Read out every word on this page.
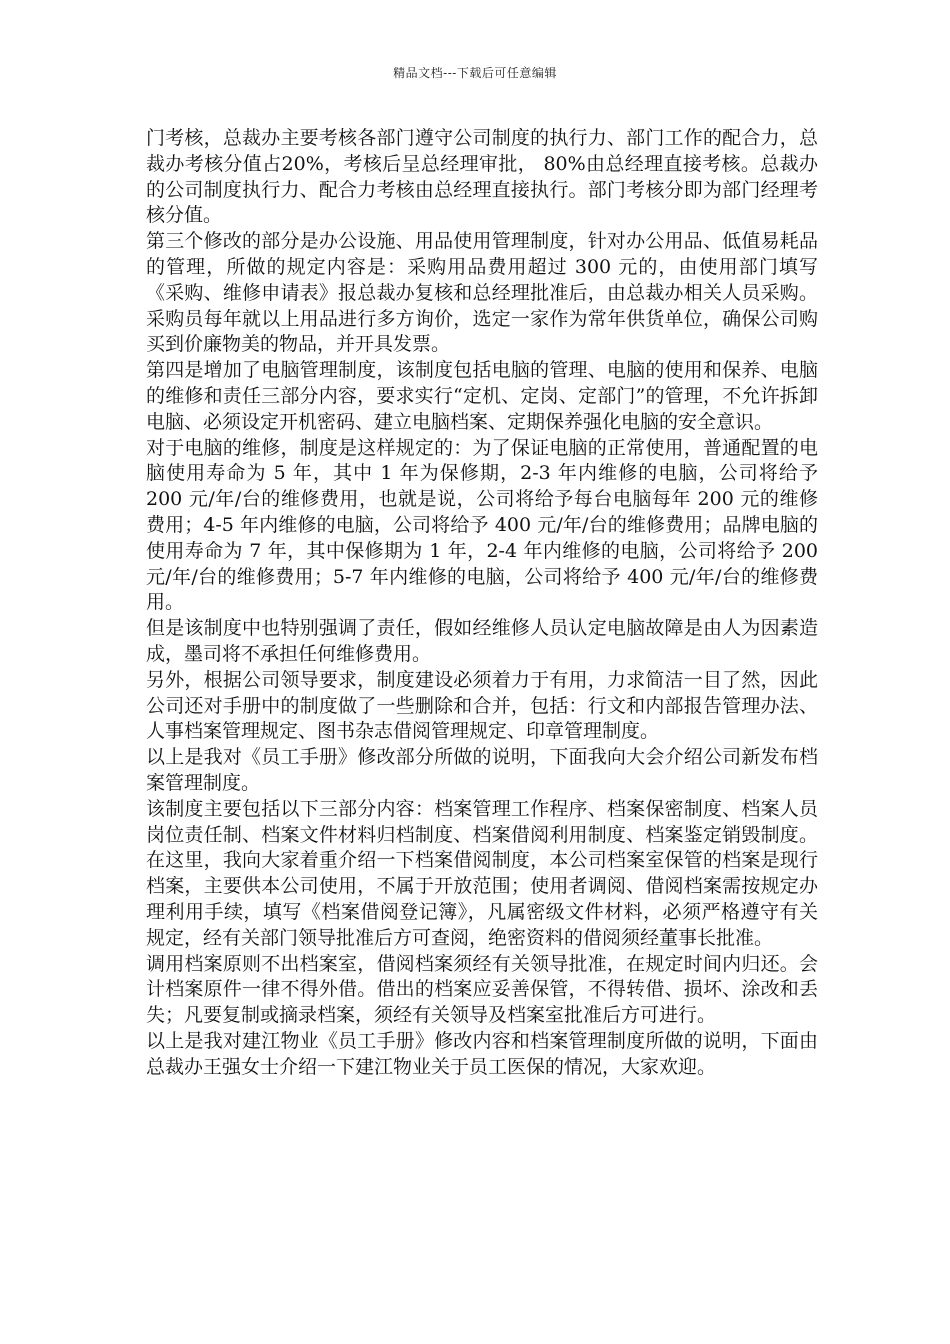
精品文档---下载后可任意编辑

门考核，总裁办主要考核各部门遵守公司制度的执行力、部门工作的配合力，总裁办考核分值占20%，考核后呈总经理审批， 80%由总经理直接考核。总裁办的公司制度执行力、配合力考核由总经理直接执行。部门考核分即为部门经理考核分值。

第三个修改的部分是办公设施、用品使用管理制度，针对办公用品、低值易耗品的管理，所做的规定内容是：采购用品费用超过 300 元的，由使用部门填写《采购、维修申请表》报总裁办复核和总经理批准后，由总裁办相关人员采购。采购员每年就以上用品进行多方询价，选定一家作为常年供货单位，确保公司购买到价廉物美的物品，并开具发票。

第四是增加了电脑管理制度，该制度包括电脑的管理、电脑的使用和保养、电脑的维修和责任三部分内容，要求实行“定机、定岗、定部门”的管理，不允许拆卸电脑、必须设定开机密码、建立电脑档案、定期保养强化电脑的安全意识。

对于电脑的维修，制度是这样规定的：为了保证电脑的正常使用，普通配置的电脑使用寿命为 5 年，其中 1 年为保修期，2-3 年内维修的电脑，公司将给予 200 元/年/台的维修费用，也就是说，公司将给予每台电脑每年 200 元的维修费用；4-5 年内维修的电脑，公司将给予 400 元/年/台的维修费用；品牌电脑的使用寿命为 7 年，其中保修期为 1 年，2-4 年内维修的电脑，公司将给予 200 元/年/台的维修费用；5-7 年内维修的电脑，公司将给予 400 元/年/台的维修费用。

但是该制度中也特别强调了责任，假如经维修人员认定电脑故障是由人为因素造成，墨司将不承担任何维修费用。

另外，根据公司领导要求，制度建设必须着力于有用，力求简洁一目了然，因此公司还对手册中的制度做了一些删除和合并，包括：行文和内部报告管理办法、人事档案管理规定、图书杂志借阅管理规定、印章管理制度。

以上是我对《员工手册》修改部分所做的说明，下面我向大会介绍公司新发布档案管理制度。

该制度主要包括以下三部分内容：档案管理工作程序、档案保密制度、档案人员岗位责任制、档案文件材料归档制度、档案借阅利用制度、档案鉴定销毁制度。在这里，我向大家着重介绍一下档案借阅制度，本公司档案室保管的档案是现行档案，主要供本公司使用，不属于开放范围；使用者调阅、借阅档案需按规定办理利用手续，填写《档案借阅登记簿》，凡属密级文件材料，必须严格遵守有关规定，经有关部门领导批准后方可查阅，绝密资料的借阅须经董事长批准。

调用档案原则不出档案室，借阅档案须经有关领导批准，在规定时间内归还。会计档案原件一律不得外借。借出的档案应妥善保管，不得转借、损坏、涂改和丢失；凡要复制或摘录档案，须经有关领导及档案室批准后方可进行。

以上是我对建江物业《员工手册》修改内容和档案管理制度所做的说明，下面由总裁办王强女士介绍一下建江物业关于员工医保的情况，大家欢迎。
